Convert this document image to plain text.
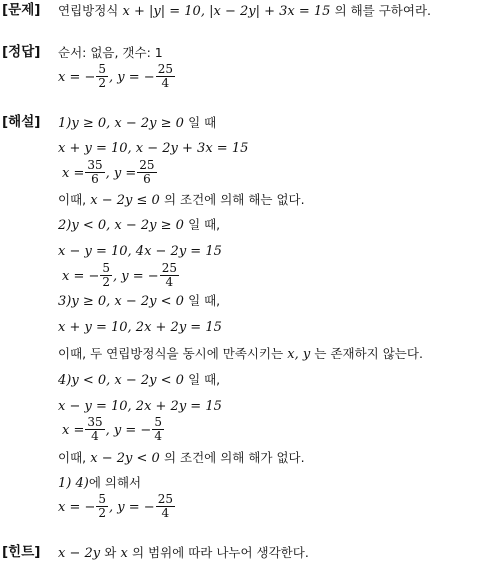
[문제] 연립방정식 x + |y| = 10, |x − 2y| + 3x = 15 의 해를 구하여라.
[정답] 순서: 없음, 갯수: 1
x = − $\frac{5}{2}$ , y = − $\frac{25}{4}$
[해설] 1)y ≥ 0, x − 2y ≥ 0 일 때
x + y = 10, x − 2y + 3x = 15
$x = \frac{35}{6}$ , $y = \frac{25}{6}$
이때, x − 2y ≤ 0 의 조건에 의해 해는 없다.
2)y < 0, x − 2y ≥ 0 일 때,
x − y = 10, 4x − 2y = 15
x = − $\frac{5}{2}$ , y = − $\frac{25}{4}$
3)y ≥ 0, x − 2y < 0 일 때,
x + y = 10, 2x + 2y = 15
이때, 두 연립방정식을 동시에 만족시키는 x, y 는 존재하지 않는다.
4)y < 0, x − 2y < 0 일 때,
x − y = 10, 2x + 2y = 15
$x = \frac{35}{4}$ , y = − $\frac{5}{4}$
이때, x − 2y < 0 의 조건에 의해 해가 없다.
1) 4)에 의해서
x = − $\frac{5}{2}$ , y = − $\frac{25}{4}$
[힌트] x − 2y 와 x 의 범위에 따라 나누어 생각한다.
